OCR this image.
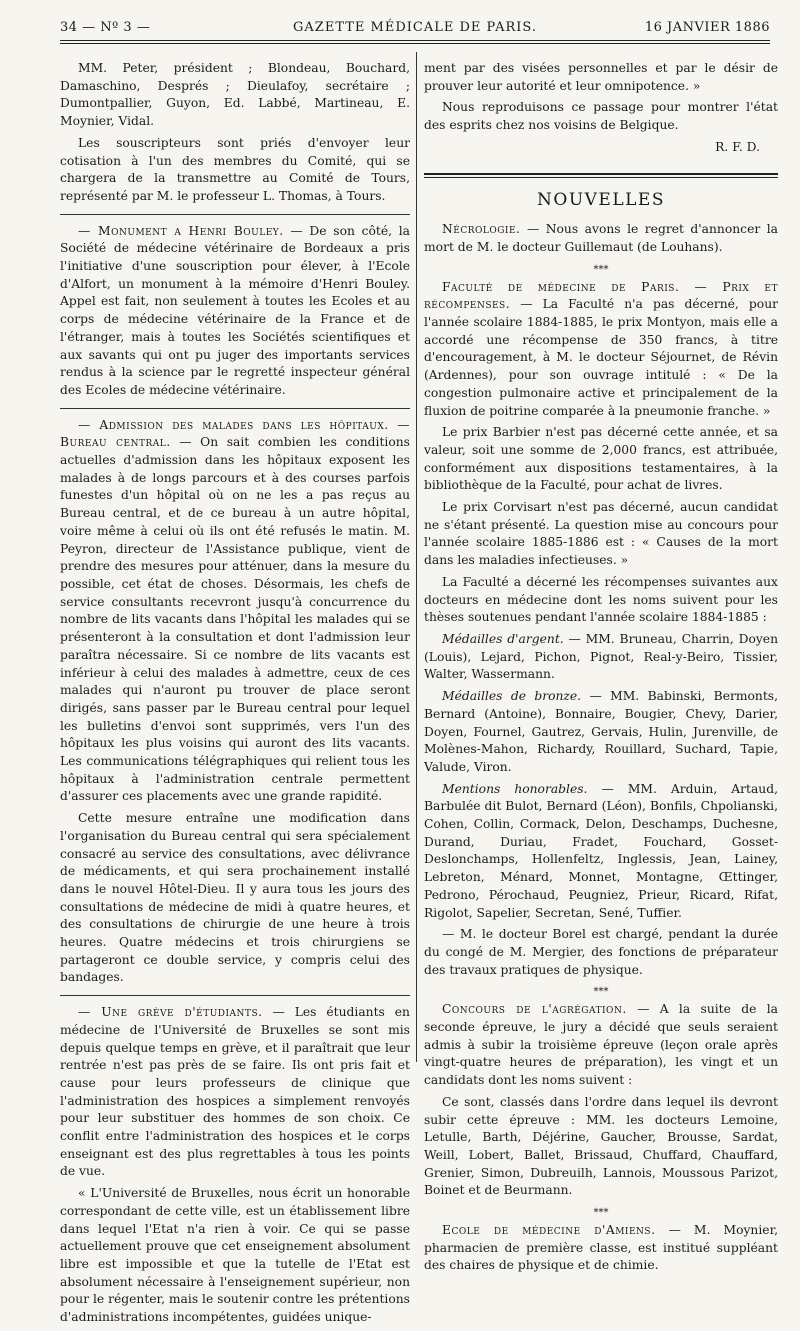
34 — Nº 3 —	GAZETTE MÉDICALE DE PARIS.	16 JANVIER 1886

MM. Peter, président ; Blondeau, Bouchard, Damaschino, Després ; Dieulafoy, secrétaire ; Dumontpallier, Guyon, Ed. Labbé, Martineau, E. Moynier, Vidal.

Les souscripteurs sont priés d'envoyer leur cotisation à l'un des membres du Comité, qui se chargera de la transmettre au Comité de Tours, représenté par M. le professeur L. Thomas, à Tours.

— Monument a Henri Bouley. — De son côté, la Société de médecine vétérinaire de Bordeaux a pris l'initiative d'une souscription pour élever, à l'Ecole d'Alfort, un monument à la mémoire d'Henri Bouley. Appel est fait, non seulement à toutes les Ecoles et au corps de médecine vétérinaire de la France et de l'étranger, mais à toutes les Sociétés scientifiques et aux savants qui ont pu juger des importants services rendus à la science par le regretté inspecteur général des Ecoles de médecine vétérinaire.

— Admission des malades dans les hôpitaux. — Bureau central. — On sait combien les conditions actuelles d'admission dans les hôpitaux exposent les malades à de longs parcours et à des courses parfois funestes d'un hôpital où on ne les a pas reçus au Bureau central, et de ce bureau à un autre hôpital, voire même à celui où ils ont été refusés le matin. M. Peyron, directeur de l'Assistance publique, vient de prendre des mesures pour atténuer, dans la mesure du possible, cet état de choses. Désormais, les chefs de service consultants recevront jusqu'à concurrence du nombre de lits vacants dans l'hôpital les malades qui se présenteront à la consultation et dont l'admission leur paraîtra nécessaire. Si ce nombre de lits vacants est inférieur à celui des malades à admettre, ceux de ces malades qui n'auront pu trouver de place seront dirigés, sans passer par le Bureau central pour lequel les bulletins d'envoi sont supprimés, vers l'un des hôpitaux les plus voisins qui auront des lits vacants. Les communications télégraphiques qui relient tous les hôpitaux à l'administration centrale permettent d'assurer ces placements avec une grande rapidité.

Cette mesure entraîne une modification dans l'organisation du Bureau central qui sera spécialement consacré au service des consultations, avec délivrance de médicaments, et qui sera prochainement installé dans le nouvel Hôtel-Dieu. Il y aura tous les jours des consultations de médecine de midi à quatre heures, et des consultations de chirurgie de une heure à trois heures. Quatre médecins et trois chirurgiens se partageront ce double service, y compris celui des bandages.

— Une grève d'étudiants. — Les étudiants en médecine de l'Université de Bruxelles se sont mis depuis quelque temps en grève, et il paraîtrait que leur rentrée n'est pas près de se faire. Ils ont pris fait et cause pour leurs professeurs de clinique que l'administration des hospices a simplement renvoyés pour leur substituer des hommes de son choix. Ce conflit entre l'administration des hospices et le corps enseignant est des plus regrettables à tous les points de vue.

« L'Université de Bruxelles, nous écrit un honorable correspondant de cette ville, est un établissement libre dans lequel l'Etat n'a rien à voir. Ce qui se passe actuellement prouve que cet enseignement absolument libre est impossible et que la tutelle de l'Etat est absolument nécessaire à l'enseignement supérieur, non pour le régenter, mais le soutenir contre les prétentions d'administrations incompétentes, guidées unique-

ment par des visées personnelles et par le désir de prouver leur autorité et leur omnipotence. »

Nous reproduisons ce passage pour montrer l'état des esprits chez nos voisins de Belgique.

R. F. D.

NOUVELLES

Nécrologie. — Nous avons le regret d'annoncer la mort de M. le docteur Guillemaut (de Louhans).

⁎⁎⁎

Faculté de médecine de Paris. — Prix et récompenses. — La Faculté n'a pas décerné, pour l'année scolaire 1884-1885, le prix Montyon, mais elle a accordé une récompense de 350 francs, à titre d'encouragement, à M. le docteur Séjournet, de Révin (Ardennes), pour son ouvrage intitulé : « De la congestion pulmonaire active et principalement de la fluxion de poitrine comparée à la pneumonie franche. »

Le prix Barbier n'est pas décerné cette année, et sa valeur, soit une somme de 2,000 francs, est attribuée, conformément aux dispositions testamentaires, à la bibliothèque de la Faculté, pour achat de livres.

Le prix Corvisart n'est pas décerné, aucun candidat ne s'étant présenté. La question mise au concours pour l'année scolaire 1885-1886 est : « Causes de la mort dans les maladies infectieuses. »

La Faculté a décerné les récompenses suivantes aux docteurs en médecine dont les noms suivent pour les thèses soutenues pendant l'année scolaire 1884-1885 :

Médailles d'argent. — MM. Bruneau, Charrin, Doyen (Louis), Lejard, Pichon, Pignot, Real-y-Beiro, Tissier, Walter, Wassermann.

Médailles de bronze. — MM. Babinski, Bermonts, Bernard (Antoine), Bonnaire, Bougier, Chevy, Darier, Doyen, Fournel, Gautrez, Gervais, Hulin, Jurenville, de Molènes-Mahon, Richardy, Rouillard, Suchard, Tapie, Valude, Viron.

Mentions honorables. — MM. Arduin, Artaud, Barbulée dit Bulot, Bernard (Léon), Bonfils, Chpolianski, Cohen, Collin, Cormack, Delon, Deschamps, Duchesne, Durand, Duriau, Fradet, Fouchard, Gosset-Deslonchamps, Hollenfeltz, Inglessis, Jean, Lainey, Lebreton, Ménard, Monnet, Montagne, Œttinger, Pedrono, Pérochaud, Peugniez, Prieur, Ricard, Rifat, Rigolot, Sapelier, Secretan, Sené, Tuffier.

— M. le docteur Borel est chargé, pendant la durée du congé de M. Mergier, des fonctions de préparateur des travaux pratiques de physique.

⁎⁎⁎

Concours de l'agrégation. — A la suite de la seconde épreuve, le jury a décidé que seuls seraient admis à subir la troisième épreuve (leçon orale après vingt-quatre heures de préparation), les vingt et un candidats dont les noms suivent :

Ce sont, classés dans l'ordre dans lequel ils devront subir cette épreuve : MM. les docteurs Lemoine, Letulle, Barth, Déjérine, Gaucher, Brousse, Sardat, Weill, Lobert, Ballet, Brissaud, Chuffard, Chauffard, Grenier, Simon, Dubreuilh, Lannois, Moussous Parizot, Boinet et de Beurmann.

⁎⁎⁎

Ecole de médecine d'Amiens. — M. Moynier, pharmacien de première classe, est institué suppléant des chaires de physique et de chimie.
